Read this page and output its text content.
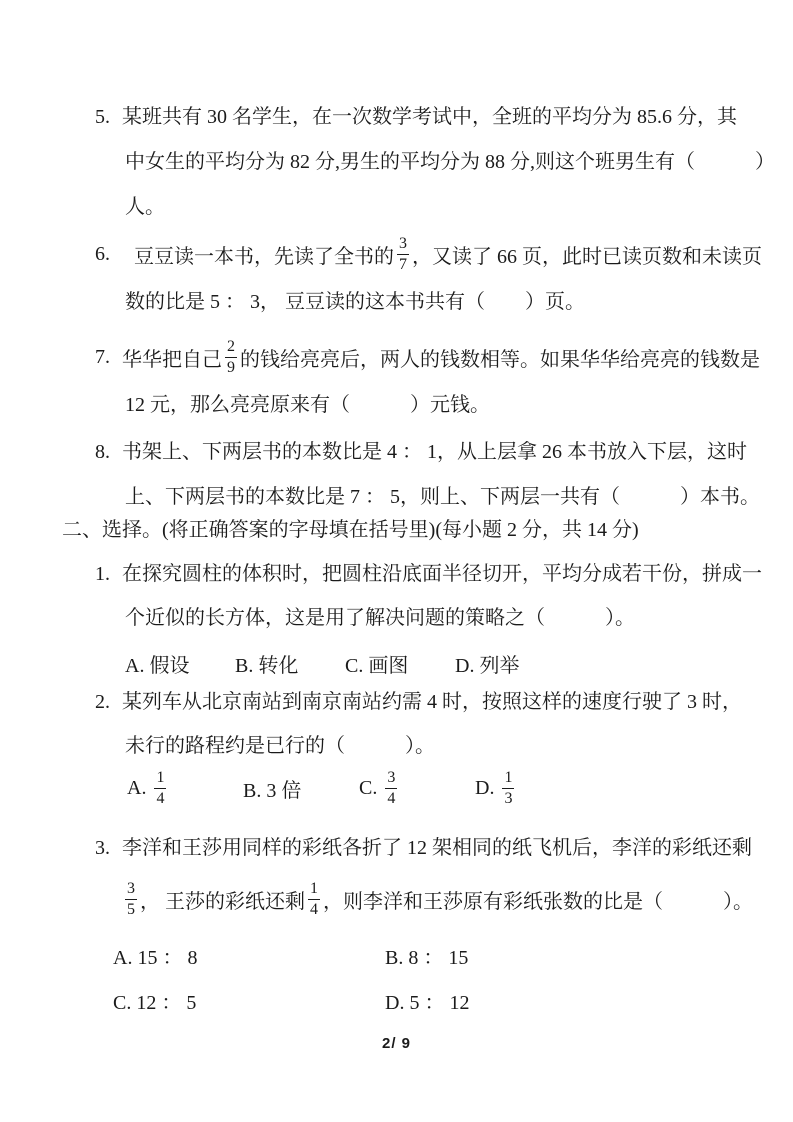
5. 某班共有 30 名学生，在一次数学考试中，全班的平均分为 85.6 分，其
中女生的平均分为 82 分,男生的平均分为 88 分,则这个班男生有（　　　）
人。
6. 豆豆读一本书，先读了全书的 $\frac{3}{7}$ ，又读了 66 页，此时已读页数和未读页
数的比是 5 ： 3， 豆豆读的这本书共有（　　）页。
7. 华华把自己 $\frac{2}{9}$ 的钱给亮亮后，两人的钱数相等。如果华华给亮亮的钱数是
12 元，那么亮亮原来有（　　　）元钱。
8. 书架上、下两层书的本数比是 4 ： 1，从上层拿 26 本书放入下层，这时
上、下两层书的本数比是 7 ： 5，则上、下两层一共有（　　　）本书。
二、选择。(将正确答案的字母填在括号里)(每小题 2 分，共 14 分)
1. 在探究圆柱的体积时，把圆柱沿底面半径切开，平均分成若干份，拼成一
个近似的长方体，这是用了解决问题的策略之（　　　）。
A. 假设	B. 转化	C. 画图	D. 列举
2. 某列车从北京南站到南京南站约需 4 时，按照这样的速度行驶了 3 时，
未行的路程约是已行的（　　　）。
A. $\frac{1}{4}$	B. 3 倍	C. $\frac{3}{4}$	D. $\frac{1}{3}$
3. 李洋和王莎用同样的彩纸各折了 12 架相同的纸飞机后，李洋的彩纸还剩
$\frac{3}{5}$ ， 王莎的彩纸还剩 $\frac{1}{4}$ ，则李洋和王莎原有彩纸张数的比是（　　　）。
A. 15 ： 8	B. 8 ： 15
C. 12 ： 5	D. 5 ： 12
2/ 9
